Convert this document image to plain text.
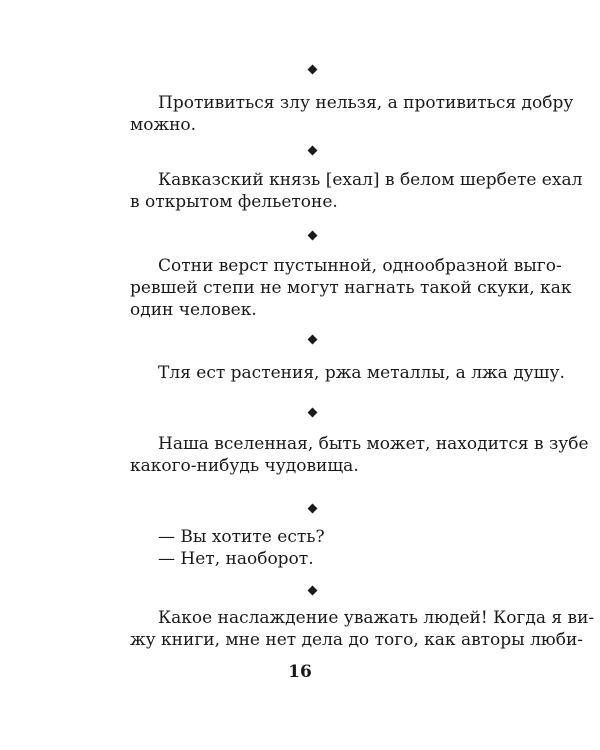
Противиться злу нельзя, а противиться добру
можно.
Кавказский князь [ехал] в белом шербете ехал
в открытом фельетоне.
Сотни верст пустынной, однообразной выго-
ревшей степи не могут нагнать такой скуки, как
один человек.
Тля ест растения, ржа металлы, а лжа душу.
Наша вселенная, быть может, находится в зубе
какого-нибудь чудовища.
— Вы хотите есть?
— Нет, наоборот.
Какое наслаждение уважать людей! Когда я ви-
жу книги, мне нет дела до того, как авторы люби-
16
